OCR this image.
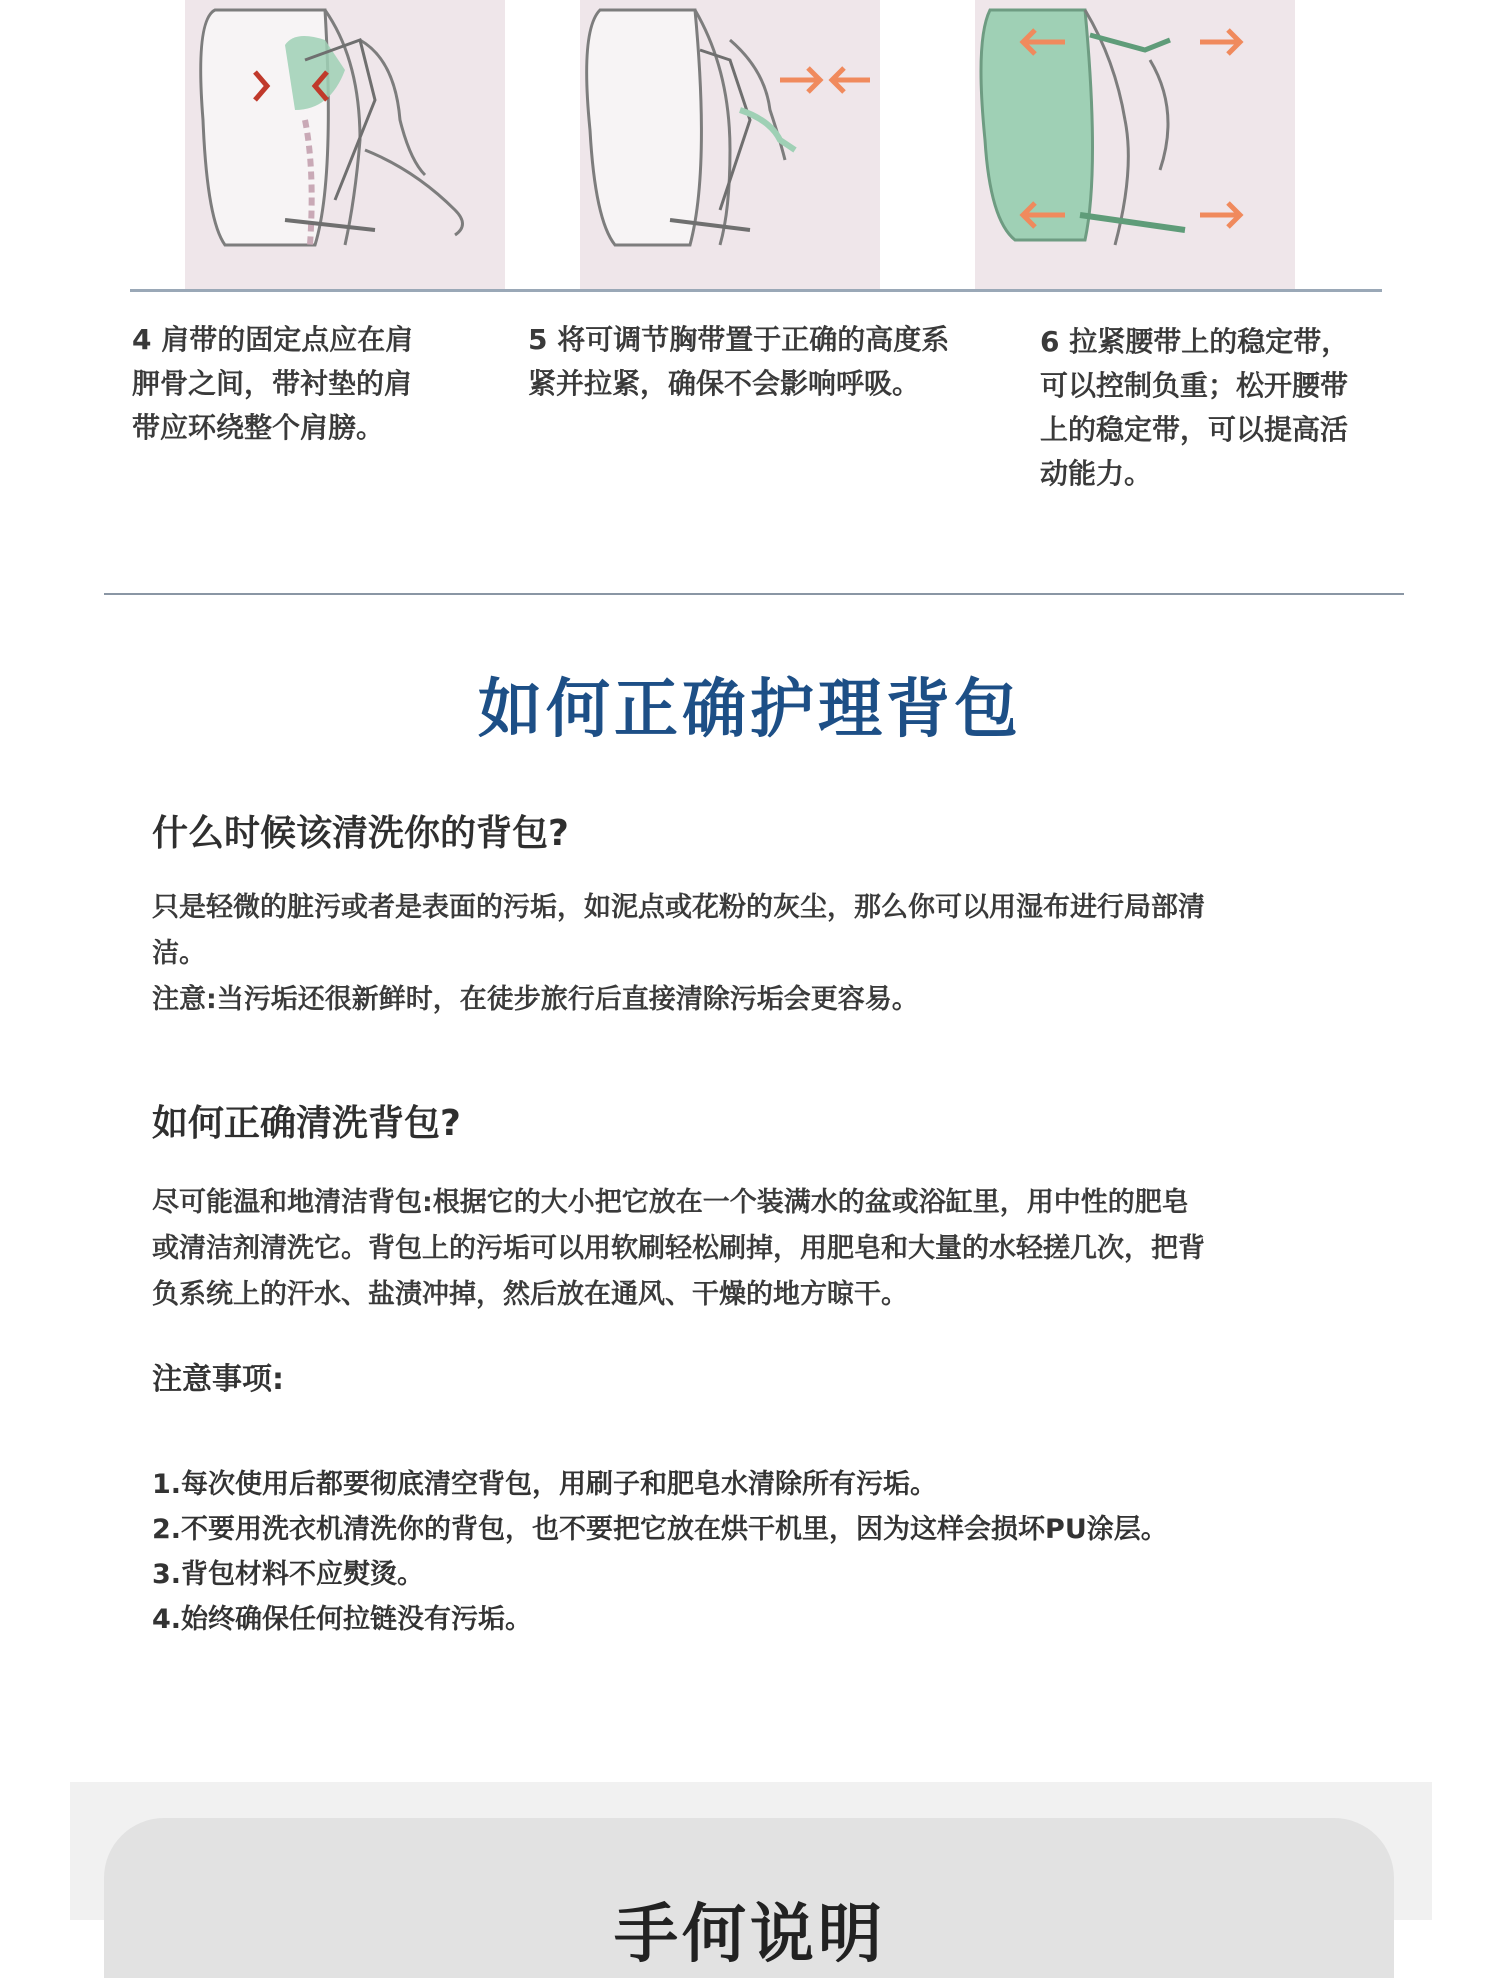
4 肩带的固定点应在肩
胛骨之间，带衬垫的肩
带应环绕整个肩膀。

5 将可调节胸带置于正确的高度系
紧并拉紧，确保不会影响呼吸。

6 拉紧腰带上的稳定带，
可以控制负重；松开腰带
上的稳定带，可以提高活
动能力。

如何正确护理背包
什么时候该清洗你的背包?

只是轻微的脏污或者是表面的污垢，如泥点或花粉的灰尘，那么你可以用湿布进行局部清
洁。
注意:当污垢还很新鲜时，在徒步旅行后直接清除污垢会更容易。

如何正确清洗背包?

尽可能温和地清洁背包:根据它的大小把它放在一个装满水的盆或浴缸里，用中性的肥皂
或清洁剂清洗它。背包上的污垢可以用软刷轻松刷掉，用肥皂和大量的水轻搓几次，把背
负系统上的汗水、盐渍冲掉，然后放在通风、干燥的地方晾干。

注意事项:
1.每次使用后都要彻底清空背包，用刷子和肥皂水清除所有污垢。
2.不要用洗衣机清洗你的背包，也不要把它放在烘干机里，因为这样会损坏PU涂层。
3.背包材料不应熨烫。
4.始终确保任何拉链没有污垢。
手何说明
